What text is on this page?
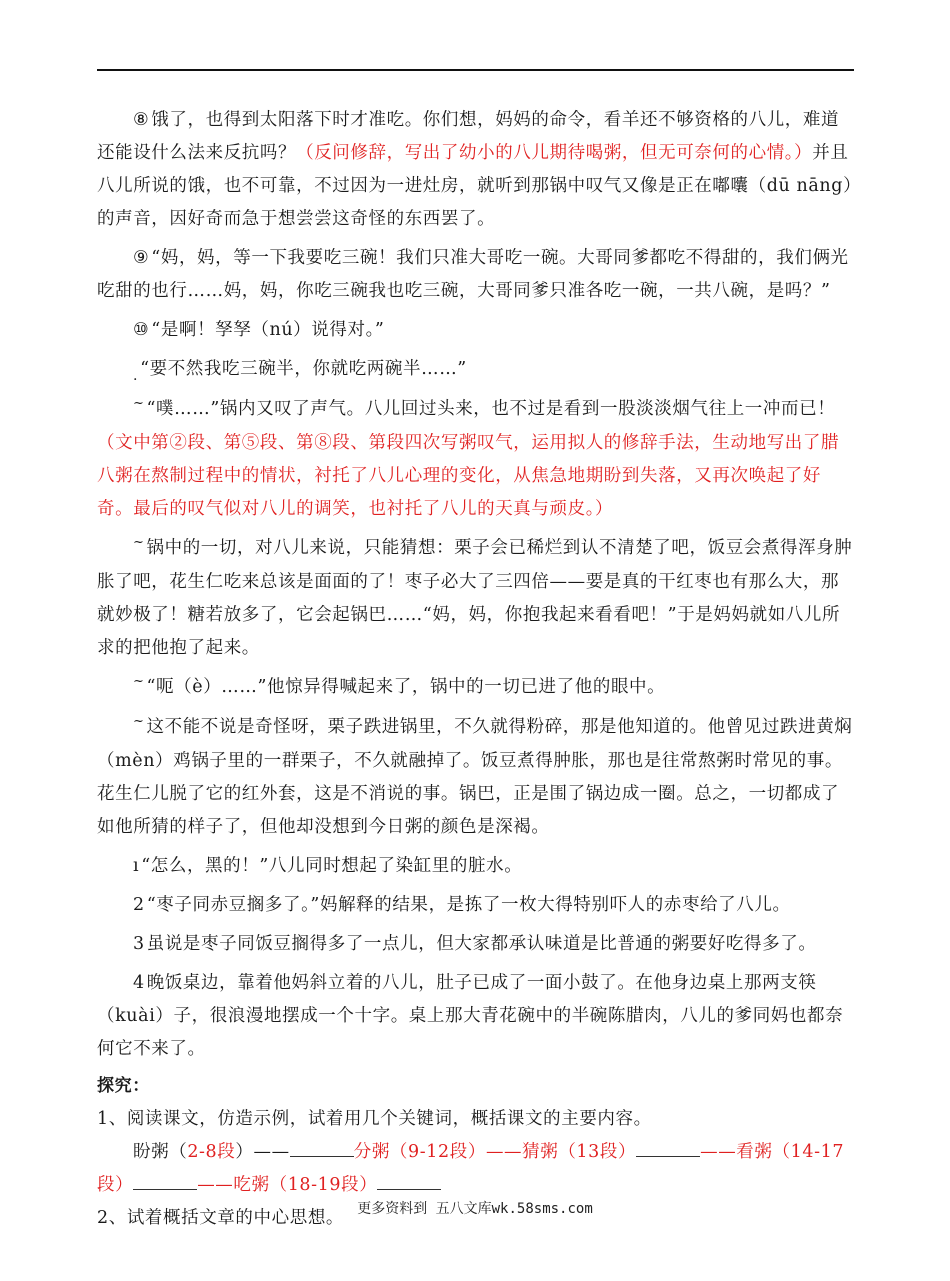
⑧ 饿了，也得到太阳落下时才准吃。你们想，妈妈的命令，看羊还不够资格的八儿，难道还能设什么法来反抗吗？（反问修辞，写出了幼小的八儿期待喝粥，但无可奈何的心情。）并且八儿所说的饿，也不可靠，不过因为一进灶房，就听到那锅中叹气又像是正在嘟囔（dū nāng）的声音，因好奇而急于想尝尝这奇怪的东西罢了。

⑨ “妈，妈，等一下我要吃三碗！我们只准大哥吃一碗。大哥同爹都吃不得甜的，我们俩光吃甜的也行……妈，妈，你吃三碗我也吃三碗，大哥同爹只准各吃一碗，一共八碗，是吗？”

⑩ “是啊！孥孥（nú）说得对。”

$_.$ “要不然我吃三碗半，你就吃两碗半……”

~ “噗……”锅内又叹了声气。八儿回过头来，也不过是看到一股淡淡烟气往上一冲而已！

（文中第②段、第⑤段、第⑧段、第段四次写粥叹气，运用拟人的修辞手法，生动地写出了腊八粥在熬制过程中的情状，衬托了八儿心理的变化，从焦急地期盼到失落，又再次唤起了好奇。最后的叹气似对八儿的调笑，也衬托了八儿的天真与顽皮。）

~ 锅中的一切，对八儿来说，只能猜想：栗子会已稀烂到认不清楚了吧，饭豆会煮得浑身肿胀了吧，花生仁吃来总该是面面的了！枣子必大了三四倍——要是真的干红枣也有那么大，那就妙极了！糖若放多了，它会起锅巴……“妈，妈，你抱我起来看看吧！”于是妈妈就如八儿所求的把他抱了起来。

~ “呃（è）……”他惊异得喊起来了，锅中的一切已进了他的眼中。

~ 这不能不说是奇怪呀，栗子跌进锅里，不久就得粉碎，那是他知道的。他曾见过跌进黄焖（mèn）鸡锅子里的一群栗子，不久就融掉了。饭豆煮得肿胀，那也是往常熬粥时常见的事。花生仁儿脱了它的红外套，这是不消说的事。锅巴，正是围了锅边成一圈。总之，一切都成了如他所猜的样子了，但他却没想到今日粥的颜色是深褐。

ı “怎么，黑的！”八儿同时想起了染缸里的脏水。

2 “枣子同赤豆搁多了。”妈解释的结果，是拣了一枚大得特别吓人的赤枣给了八儿。

3 虽说是枣子同饭豆搁得多了一点儿，但大家都承认味道是比普通的粥要好吃得多了。

4 晚饭桌边，靠着他妈斜立着的八儿，肚子已成了一面小鼓了。在他身边桌上那两支筷（kuài）子，很浪漫地摆成一个十字。桌上那大青花碗中的半碗陈腊肉，八儿的爹同妈也都奈何它不来了。

探究：

1、阅读课文，仿造示例，试着用几个关键词，概括课文的主要内容。

盼粥（2-8段）——	分粥（9-12段）——猜粥（13段）	——看粥（14-17段）	——吃粥（18-19段）

2、试着概括文章的中心思想。 更多资料到 五八文库wk.58sms.com
